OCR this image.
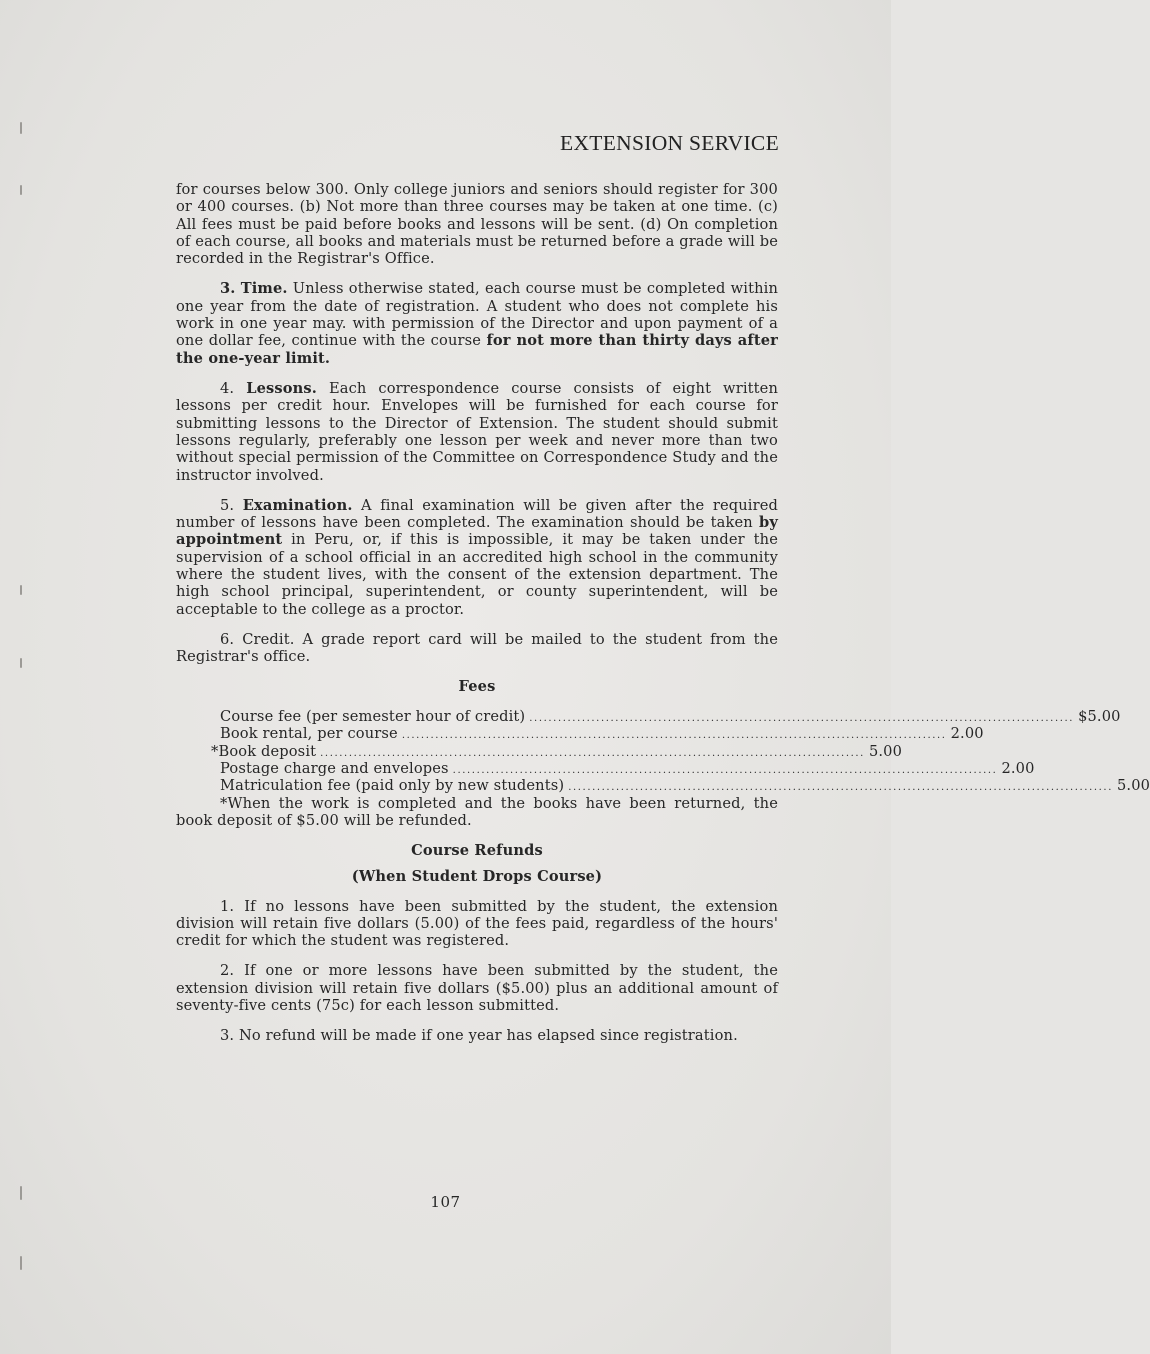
EXTENSION SERVICE

for courses below 300. Only college juniors and seniors should register for 300 or 400 courses. (b) Not more than three courses may be taken at one time. (c) All fees must be paid before books and lessons will be sent. (d) On completion of each course, all books and materials must be returned before a grade will be recorded in the Registrar's Office.

3. Time. Unless otherwise stated, each course must be completed within one year from the date of registration. A student who does not complete his work in one year may. with permission of the Director and upon payment of a one dollar fee, continue with the course for not more than thirty days after the one-year limit.

4. Lessons. Each correspondence course consists of eight written lessons per credit hour. Envelopes will be furnished for each course for submitting lessons to the Director of Extension. The student should submit lessons regularly, preferably one lesson per week and never more than two without special permission of the Committee on Correspondence Study and the instructor involved.

5. Examination. A final examination will be given after the required number of lessons have been completed. The examination should be taken by appointment in Peru, or, if this is impossible, it may be taken under the supervision of a school official in an accredited high school in the community where the student lives, with the consent of the extension department. The high school principal, superintendent, or county superintendent, will be acceptable to the college as a proctor.

6. Credit. A grade report card will be mailed to the student from the Registrar's office.

Fees

Course fee (per semester hour of credit) .................................................................................................................. $5.00
Book rental, per course .................................................................................................................. 2.00
*Book deposit .................................................................................................................. 5.00
Postage charge and envelopes .................................................................................................................. 2.00
Matriculation fee (paid only by new students) .................................................................................................................. 5.00

*When the work is completed and the books have been returned, the book deposit of $5.00 will be refunded.

Course Refunds

(When Student Drops Course)

1. If no lessons have been submitted by the student, the extension division will retain five dollars (5.00) of the fees paid, regardless of the hours' credit for which the student was registered.

2. If one or more lessons have been submitted by the student, the extension division will retain five dollars ($5.00) plus an additional amount of seventy-five cents (75c) for each lesson submitted.

3. No refund will be made if one year has elapsed since registration.

107
